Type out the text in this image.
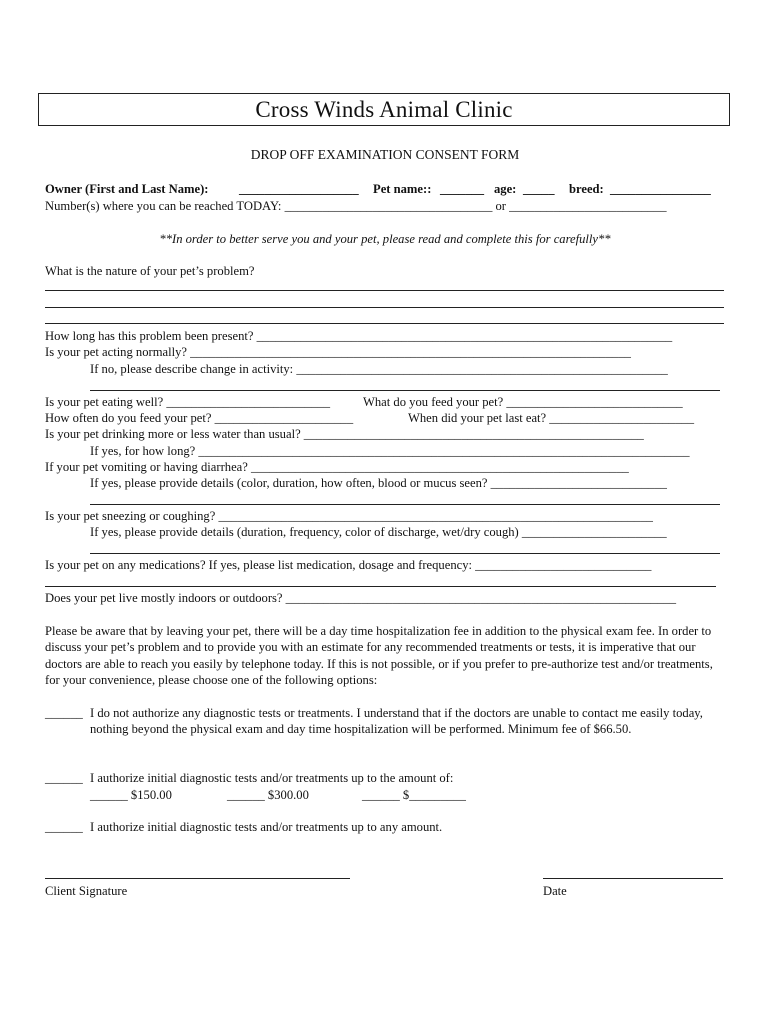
Cross Winds Animal Clinic
DROP OFF EXAMINATION CONSENT FORM
Owner (First and Last Name): ___________________ Pet name:: _______ age: _____ breed: ________________
Number(s) where you can be reached TODAY: _________________________________ or _________________________
**In order to better serve you and your pet, please read and complete this for carefully**
What is the nature of your pet’s problem?
How long has this problem been present? __________________________________________________________________
Is your pet acting normally? ______________________________________________________________________
If no, please describe change in activity: ___________________________________________________________
Is your pet eating well? __________________________	What do you feed your pet? ____________________________
How often do you feed your pet? ______________________	When did your pet last eat? _______________________
Is your pet drinking more or less water than usual? ______________________________________________________
If yes, for how long? ______________________________________________________________________________
If your pet vomiting or having diarrhea? ____________________________________________________________
If yes, please provide details (color, duration, how often, blood or mucus seen? ____________________________
Is your pet sneezing or coughing? _____________________________________________________________________
If yes, please provide details (duration, frequency, color of discharge, wet/dry cough) _______________________
Is your pet on any medications? If yes, please list medication, dosage and frequency: ____________________________
Does your pet live mostly indoors or outdoors? ______________________________________________________________
Please be aware that by leaving your pet, there will be a day time hospitalization fee in addition to the physical exam fee. In order to discuss your pet’s problem and to provide you with an estimate for any recommended treatments or tests, it is imperative that our doctors are able to reach you easily by telephone today. If this is not possible, or if you prefer to pre-authorize test and/or treatments, for your convenience, please choose one of the following options:
______ I do not authorize any diagnostic tests or treatments. I understand that if the doctors are unable to contact me easily today, nothing beyond the physical exam and day time hospitalization will be performed. Minimum fee of $66.50.
______ I authorize initial diagnostic tests and/or treatments up to the amount of:
______ $150.00	______ $300.00	______ $_________
______ I authorize initial diagnostic tests and/or treatments up to any amount.
Client Signature	Date
